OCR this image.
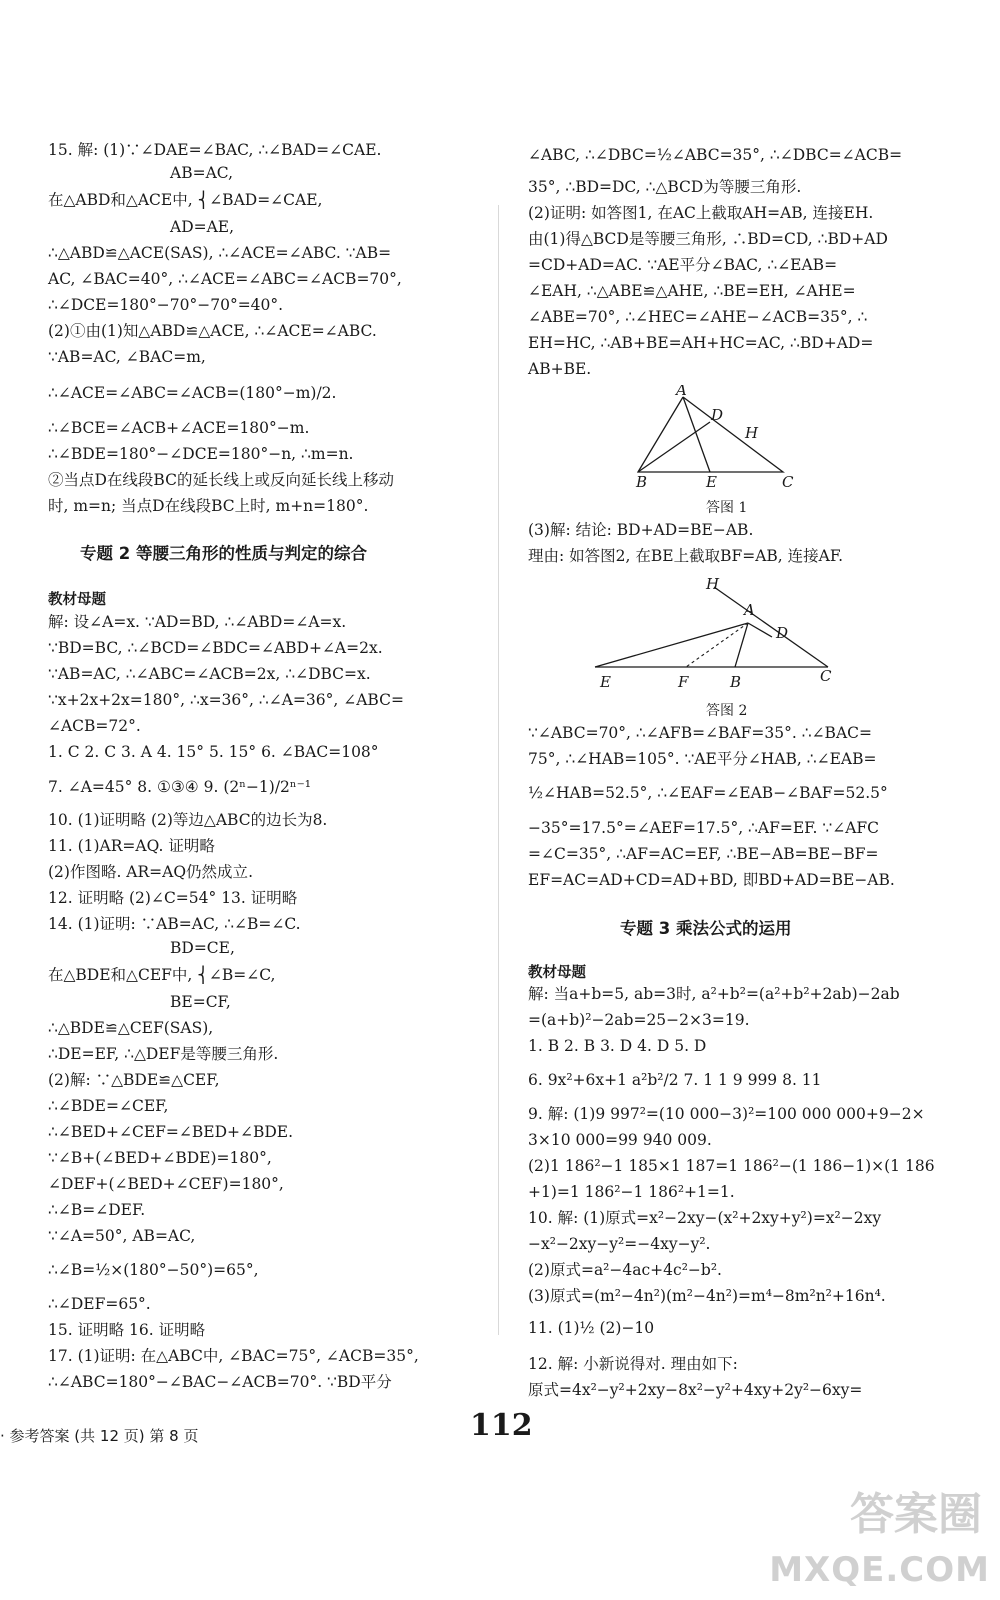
15. 解: (1)∵∠DAE=∠BAC, ∴∠BAD=∠CAE.
AB=AC,
在△ABD和△ACE中, ⎨∠BAD=∠CAE,
AD=AE,
∴△ABD≌△ACE(SAS), ∴∠ACE=∠ABC. ∵AB=
AC, ∠BAC=40°, ∴∠ACE=∠ABC=∠ACB=70°,
∴∠DCE=180°−70°−70°=40°.
(2)①由(1)知△ABD≌△ACE, ∴∠ACE=∠ABC.
∵AB=AC, ∠BAC=m,
∴∠ACE=∠ABC=∠ACB=(180°−m)/2.
∴∠BCE=∠ACB+∠ACE=180°−m.
∴∠BDE=180°−∠DCE=180°−n, ∴m=n.
②当点D在线段BC的延长线上或反向延长线上移动
时, m=n; 当点D在线段BC上时, m+n=180°.
解: 设∠A=x. ∵AD=BD, ∴∠ABD=∠A=x.
∵BD=BC, ∴∠BCD=∠BDC=∠ABD+∠A=2x.
∵AB=AC, ∴∠ABC=∠ACB=2x, ∴∠DBC=x.
∵x+2x+2x=180°, ∴x=36°, ∴∠A=36°, ∠ABC=
∠ACB=72°.
1. C 2. C 3. A 4. 15° 5. 15° 6. ∠BAC=108°
7. ∠A=45° 8. ①③④ 9. (2ⁿ−1)/2ⁿ⁻¹
10. (1)证明略 (2)等边△ABC的边长为8.
11. (1)AR=AQ. 证明略
(2)作图略. AR=AQ仍然成立.
12. 证明略 (2)∠C=54° 13. 证明略
14. (1)证明: ∵AB=AC, ∴∠B=∠C.
BD=CE,
在△BDE和△CEF中, ⎨∠B=∠C,
BE=CF,
∴△BDE≌△CEF(SAS),
∴DE=EF, ∴△DEF是等腰三角形.
(2)解: ∵△BDE≌△CEF,
∴∠BDE=∠CEF,
∴∠BED+∠CEF=∠BED+∠BDE.
∵∠B+(∠BED+∠BDE)=180°,
∠DEF+(∠BED+∠CEF)=180°,
∴∠B=∠DEF.
∵∠A=50°, AB=AC,
∴∠B=½×(180°−50°)=65°,
∴∠DEF=65°.
15. 证明略 16. 证明略
17. (1)证明: 在△ABC中, ∠BAC=75°, ∠ACB=35°,
∴∠ABC=180°−∠BAC−∠ACB=70°. ∵BD平分
专题 2 等腰三角形的性质与判定的综合
教材母题
∠ABC, ∴∠DBC=½∠ABC=35°, ∴∠DBC=∠ACB=
35°, ∴BD=DC, ∴△BCD为等腰三角形.
(2)证明: 如答图1, 在AC上截取AH=AB, 连接EH.
由(1)得△BCD是等腰三角形, ∴BD=CD, ∴BD+AD
=CD+AD=AC. ∵AE平分∠BAC, ∴∠EAB=
∠EAH, ∴△ABE≌△AHE, ∴BE=EH, ∠AHE=
∠ABE=70°, ∴∠HEC=∠AHE−∠ACB=35°, ∴
EH=HC, ∴AB+BE=AH+HC=AC, ∴BD+AD=
AB+BE.
(3)解: 结论: BD+AD=BE−AB.
理由: 如答图2, 在BE上截取BF=AB, 连接AF.
∵∠ABC=70°, ∴∠AFB=∠BAF=35°. ∴∠BAC=
75°, ∴∠HAB=105°. ∵AE平分∠HAB, ∴∠EAB=
½∠HAB=52.5°, ∴∠EAF=∠EAB−∠BAF=52.5°
−35°=17.5°=∠AEF=17.5°, ∴AF=EF. ∵∠AFC
=∠C=35°, ∴AF=AC=EF, ∴BE−AB=BE−BF=
EF=AC=AD+CD=AD+BD, 即BD+AD=BE−AB.
解: 当a+b=5, ab=3时, a²+b²=(a²+b²+2ab)−2ab
=(a+b)²−2ab=25−2×3=19.
1. B 2. B 3. D 4. D 5. D
6. 9x²+6x+1 a²b²/2 7. 1 1 9 999 8. 11
9. 解: (1)9 997²=(10 000−3)²=100 000 000+9−2×
3×10 000=99 940 009.
(2)1 186²−1 185×1 187=1 186²−(1 186−1)×(1 186
+1)=1 186²−1 186²+1=1.
10. 解: (1)原式=x²−2xy−(x²+2xy+y²)=x²−2xy
−x²−2xy−y²=−4xy−y².
(2)原式=a²−4ac+4c²−b².
(3)原式=(m²−4n²)(m²−4n²)=m⁴−8m²n²+16n⁴.
11. (1)½ (2)−10
12. 解: 小新说得对. 理由如下:
原式=4x²−y²+2xy−8x²−y²+4xy+2y²−6xy=
A
D
H
B	E	C
答图 1
H
A
D
E	F	B	C
答图 2
专题 3 乘法公式的运用
教材母题
· 参考答案 (共 12 页) 第 8 页	112
答案圈
MXQE.COM
